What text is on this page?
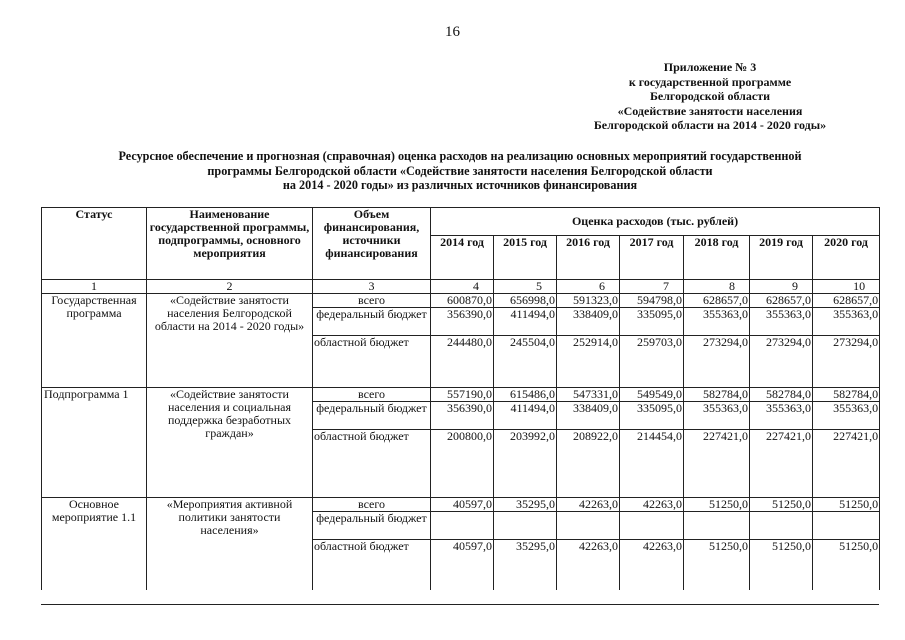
16
Приложение № 3
к государственной программе
Белгородской области
«Содействие занятости населения
Белгородской области на 2014 - 2020 годы»
Ресурсное обеспечение и прогнозная (справочная) оценка расходов на реализацию основных мероприятий государственной
программы Белгородской области «Содействие занятости населения Белгородской области
на 2014 - 2020 годы» из различных источников финансирования
Статус	Наименование государственной программы, подпрограммы, основного мероприятия	Объем финансирования, источники финансирования	Оценка расходов (тыс. рублей)						
			2014 год	2015 год	2016 год	2017 год	2018 год	2019 год	2020 год
1	2	3	4	5	6	7	8	9	10
Государственная программа	«Содействие занятости населения Белгородской области на 2014 - 2020 годы»	всего	600870,0	656998,0	591323,0	594798,0	628657,0	628657,0	628657,0
		федеральный бюджет	356390,0	411494,0	338409,0	335095,0	355363,0	355363,0	355363,0
		областной бюджет	244480,0	245504,0	252914,0	259703,0	273294,0	273294,0	273294,0
Подпрограмма 1	«Содействие занятости населения и социальная поддержка безработных граждан»	всего	557190,0	615486,0	547331,0	549549,0	582784,0	582784,0	582784,0
		федеральный бюджет	356390,0	411494,0	338409,0	335095,0	355363,0	355363,0	355363,0
		областной бюджет	200800,0	203992,0	208922,0	214454,0	227421,0	227421,0	227421,0
Основное мероприятие 1.1	«Мероприятия активной политики занятости населения»	всего	40597,0	35295,0	42263,0	42263,0	51250,0	51250,0	51250,0
		федеральный бюджет							
		областной бюджет	40597,0	35295,0	42263,0	42263,0	51250,0	51250,0	51250,0
